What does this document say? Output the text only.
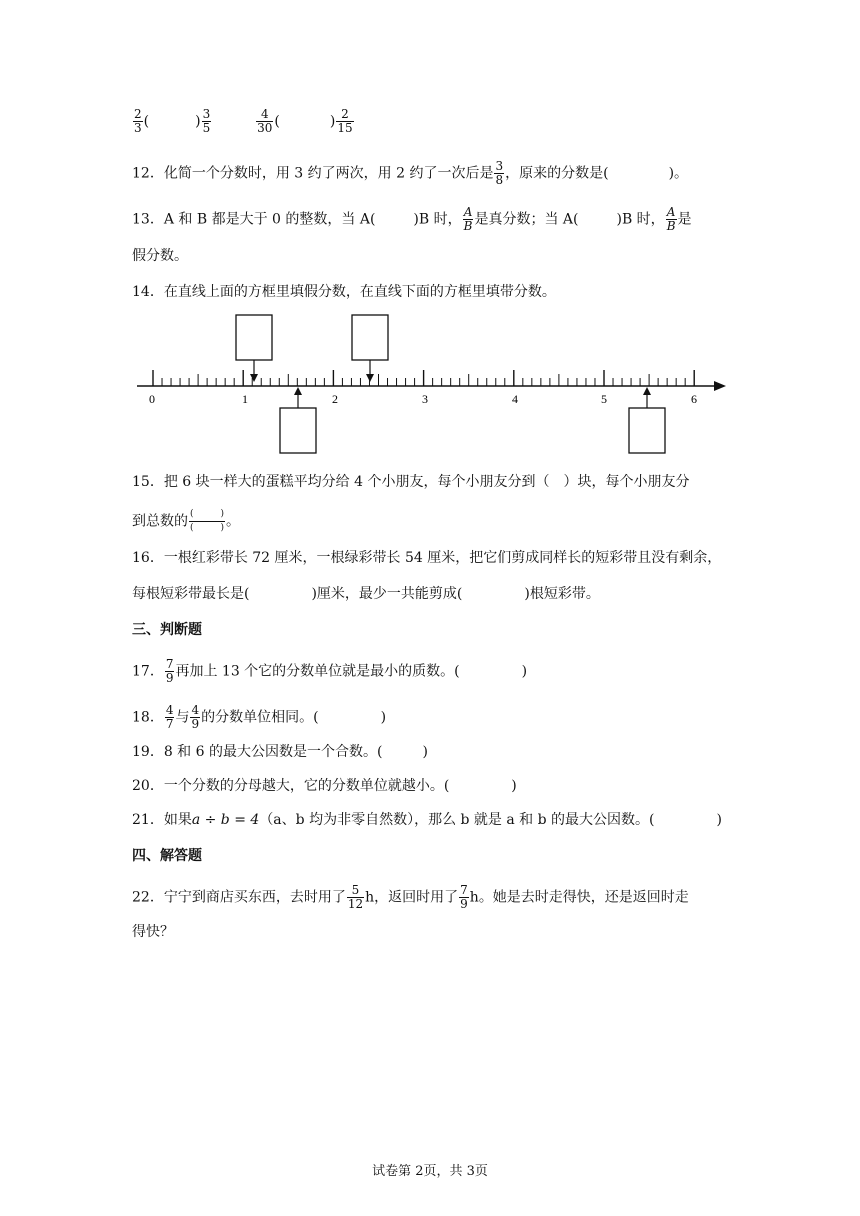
$\frac{2}{3}$ (	) $\frac{3}{5}$
	$\frac{4}{30}$ (	) $\frac{2}{15}$
12．化简一个分数时，用 3 约了两次，用 2 约了一次后是 $\frac{3}{8}$ ，原来的分数是(	)。
13．A 和 B 都是大于 0 的整数，当 A(	)B 时， $\frac{A}{B}$ 是真分数；当 A(	)B 时， $\frac{A}{B}$ 是
假分数。
14．在直线上面的方框里填假分数，在直线下面的方框里填带分数。
0	1	2	3	4	5	6
15．把 6 块一样大的蛋糕平均分给 4 个小朋友，每个小朋友分到（ ）块，每个小朋友分
到总数的 $\frac{( )}{( )}$ 。
16．一根红彩带长 72 厘米，一根绿彩带长 54 厘米，把它们剪成同样长的短彩带且没有剩余，
每根短彩带最长是(	)厘米，最少一共能剪成(	)根短彩带。
三、判断题
17． $\frac{7}{9}$ 再加上 13 个它的分数单位就是最小的质数。(	)
18． $\frac{4}{7}$ 与 $\frac{4}{9}$ 的分数单位相同。(	)
19．8 和 6 的最大公因数是一个合数。(	)
20．一个分数的分母越大，它的分数单位就越小。(	)
21．如果a ÷ b = 4（a、b 均为非零自然数），那么 b 就是 a 和 b 的最大公因数。(	)
四、解答题
22．宁宁到商店买东西，去时用了 $\frac{5}{12}$ h，返回时用了 $\frac{7}{9}$ h。她是去时走得快，还是返回时走
得快？
试卷第 2页，共 3页
